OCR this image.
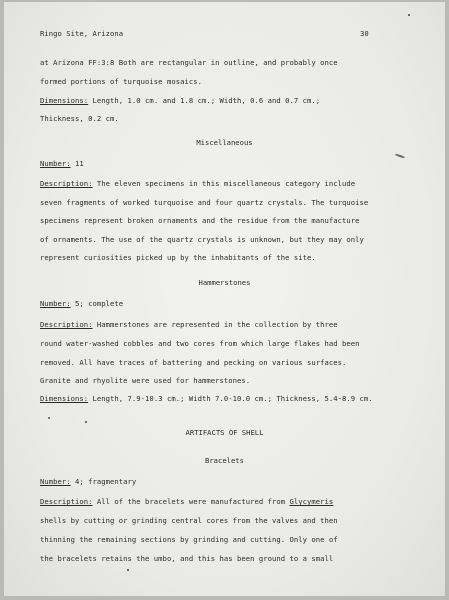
Ringo Site, Arizona	30
at Arizona FF:3:8 Both are rectangular in outline, and probably once
formed portions of turquoise mosaics.
Dimensions: Length, 1.0 cm. and 1.8 cm.; Width, 0.6 and 0.7 cm.;
Thickness, 0.2 cm.
Miscellaneous
Number: 11
Description: The eleven specimens in this miscellaneous category include
seven fragments of worked turquoise and four quartz crystals. The turquoise
specimens represent broken ornaments and the residue from the manufacture
of ornaments. The use of the quartz crystals is unknown, but they may only
represent curiosities picked up by the inhabitants of the site.
Hammerstones
Number: 5; complete
Description: Hammerstones are represented in the collection by three
round water-washed cobbles and two cores from which large flakes had been
removed. All have traces of battering and pecking on various surfaces.
Granite and rhyolite were used for hammerstones.
Dimensions: Length, 7.9-10.3 cm.; Width 7.0-10.0 cm.; Thickness, 5.4-8.9 cm.
ARTIFACTS OF SHELL
Bracelets
Number: 4; fragmentary
Description: All of the bracelets were manufactured from Glycymeris
shells by cutting or grinding central cores from the valves and then
thinning the remaining sections by grinding and cutting. Only one of
the bracelets retains the umbo, and this has been ground to a small
